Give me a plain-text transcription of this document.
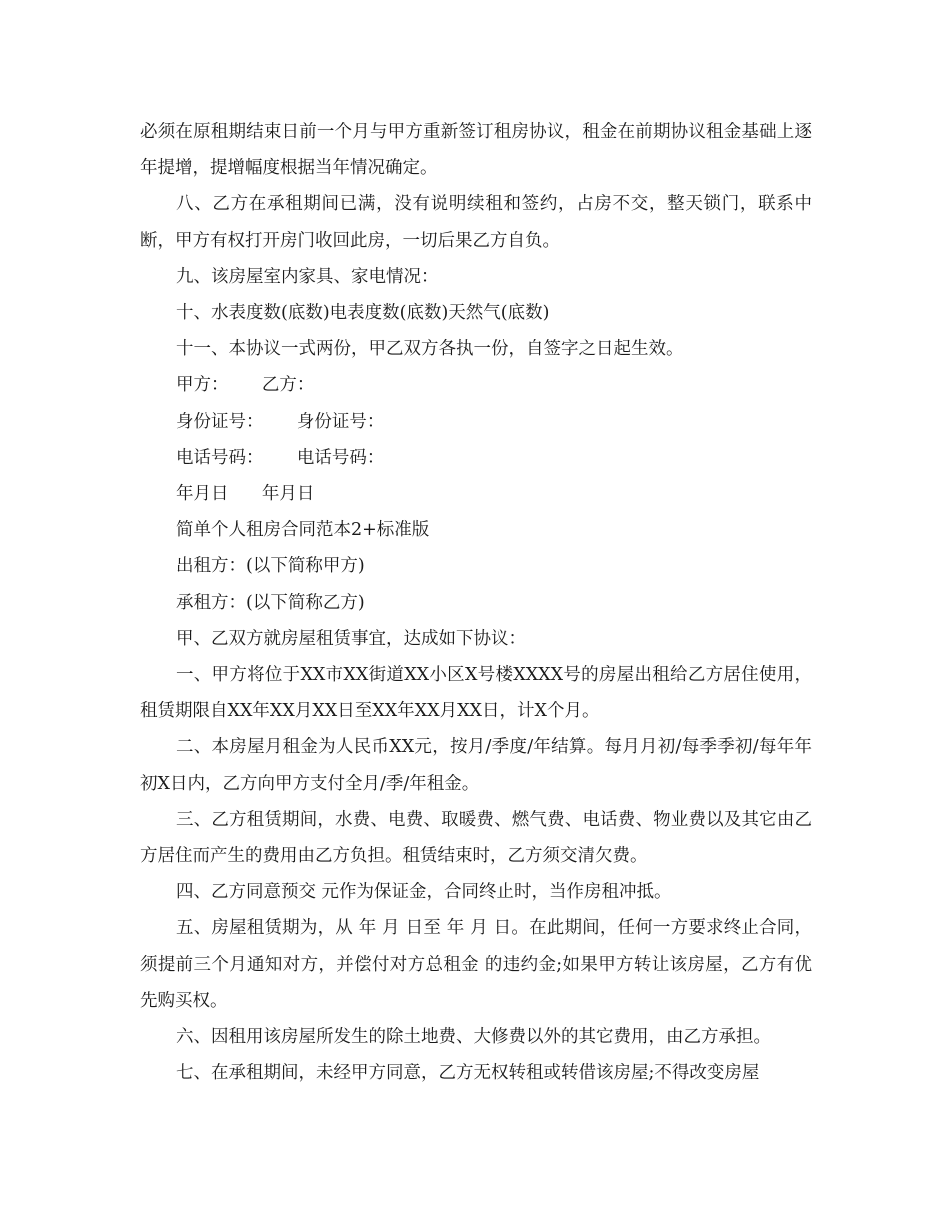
必须在原租期结束日前一个月与甲方重新签订租房协议，租金在前期协议租金基础上逐年提增，提增幅度根据当年情况确定。

八、乙方在承租期间已满，没有说明续租和签约，占房不交，整天锁门，联系中断，甲方有权打开房门收回此房，一切后果乙方自负。

九、该房屋室内家具、家电情况：

十、水表度数(底数)电表度数(底数)天然气(底数)

十一、本协议一式两份，甲乙双方各执一份，自签字之日起生效。

甲方：      乙方：

身份证号：      身份证号：

电话号码：      电话号码：

年月日      年月日

简单个人租房合同范本2+标准版

出租方：(以下简称甲方)

承租方：(以下简称乙方)

甲、乙双方就房屋租赁事宜，达成如下协议：

一、甲方将位于XX市XX街道XX小区X号楼XXXX号的房屋出租给乙方居住使用，租赁期限自XX年XX月XX日至XX年XX月XX日，计X个月。

二、本房屋月租金为人民币XX元，按月/季度/年结算。每月月初/每季季初/每年年初X日内，乙方向甲方支付全月/季/年租金。

三、乙方租赁期间，水费、电费、取暖费、燃气费、电话费、物业费以及其它由乙方居住而产生的费用由乙方负担。租赁结束时，乙方须交清欠费。

四、乙方同意预交 元作为保证金，合同终止时，当作房租冲抵。

五、房屋租赁期为，从 年 月 日至 年 月 日。在此期间，任何一方要求终止合同，须提前三个月通知对方，并偿付对方总租金 的违约金;如果甲方转让该房屋，乙方有优先购买权。

六、因租用该房屋所发生的除土地费、大修费以外的其它费用，由乙方承担。

七、在承租期间，未经甲方同意，乙方无权转租或转借该房屋;不得改变房屋
